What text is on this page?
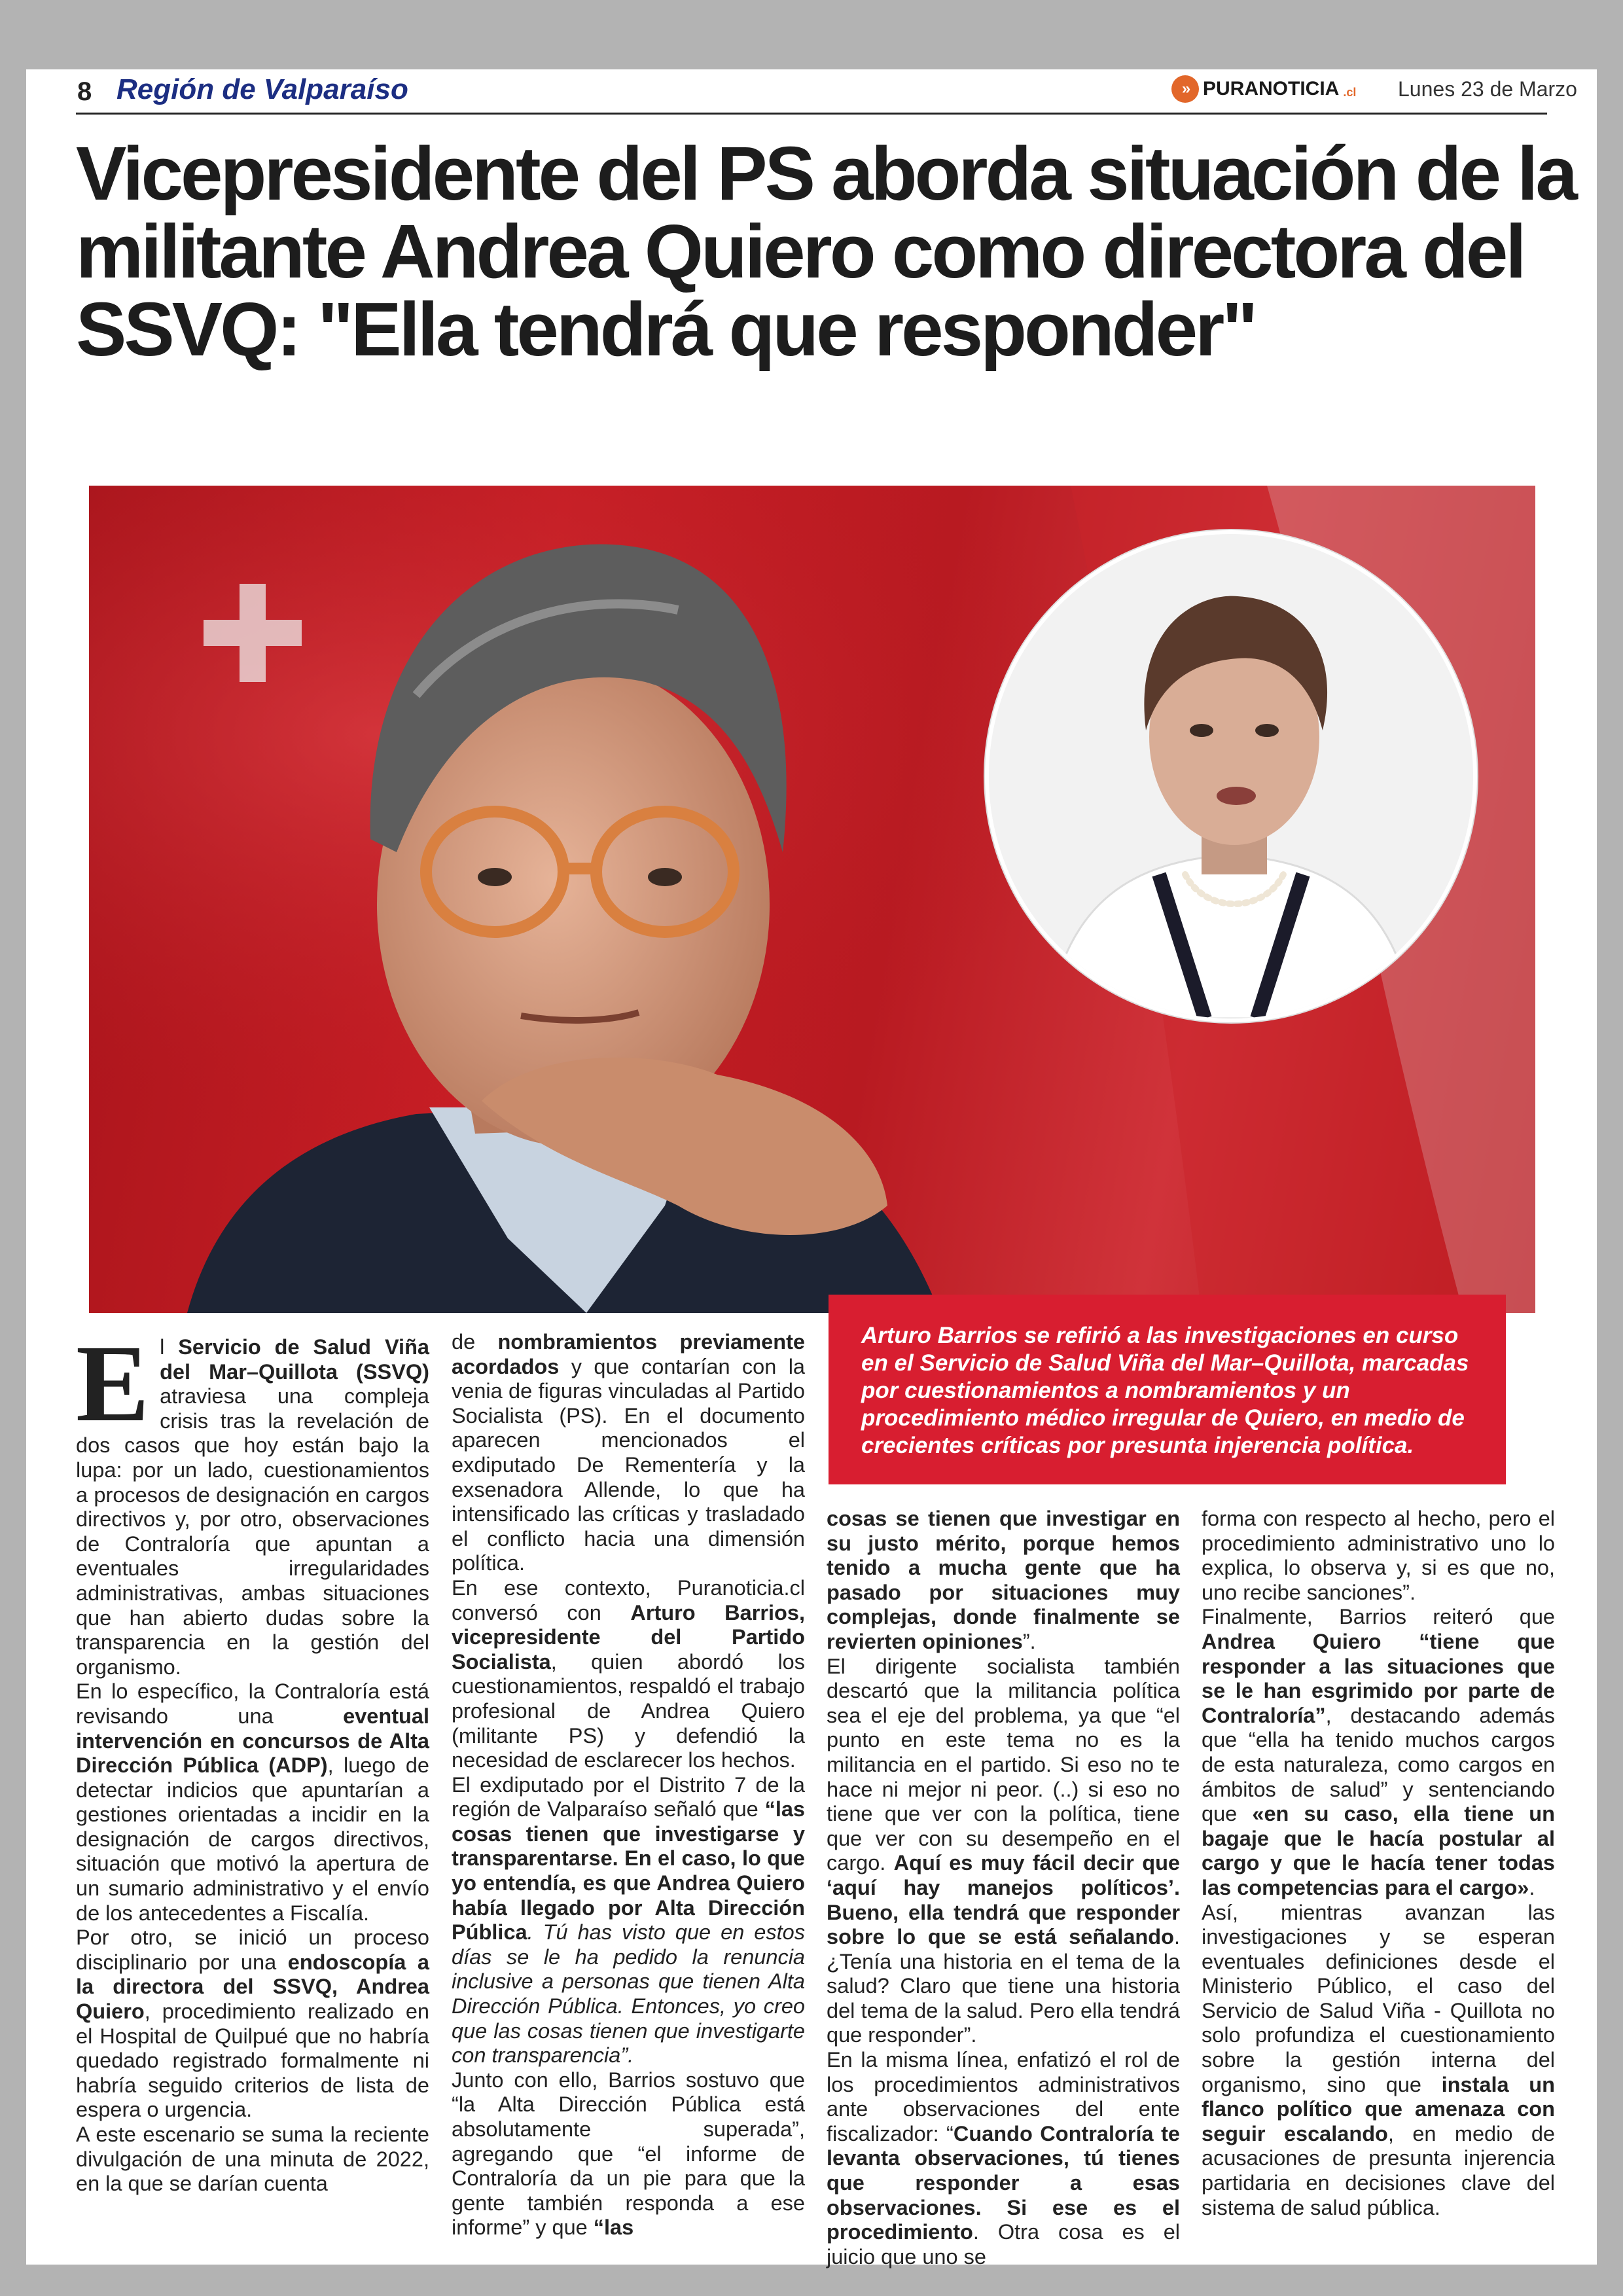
8 Región de Valparaíso	» PURANOTICIA .cl Lunes 23 de Marzo
Vicepresidente del PS aborda situación de la militante Andrea Quiero como directora del SSVQ: "Ella tendrá que responder"

Arturo Barrios se refirió a las investigaciones en curso en el Servicio de Salud Viña del Mar–Quillota, marcadas por cuestionamientos a nombramientos y un procedimiento médico irregular de Quiero, en medio de crecientes críticas por presunta injerencia política.

E l Servicio de Salud Viña del Mar–Quillota (SSVQ) atraviesa una compleja crisis tras la revelación de dos casos que hoy están bajo la lupa: por un lado, cuestionamientos a procesos de designación en cargos directivos y, por otro, observaciones de Contraloría que apuntan a eventuales irregularidades administrativas, ambas situaciones que han abierto dudas sobre la transparencia en la gestión del organismo.

En lo específico, la Contraloría está revisando una eventual intervención en concursos de Alta Dirección Pública (ADP), luego de detectar indicios que apuntarían a gestiones orientadas a incidir en la designación de cargos directivos, situación que motivó la apertura de un sumario administrativo y el envío de los antecedentes a Fiscalía.

Por otro, se inició un proceso disciplinario por una endoscopía a la directora del SSVQ, Andrea Quiero, procedimiento realizado en el Hospital de Quilpué que no habría quedado registrado formalmente ni habría seguido criterios de lista de espera o urgencia.

A este escenario se suma la reciente divulgación de una minuta de 2022, en la que se darían cuenta

de nombramientos previamente acordados y que contarían con la venia de figuras vinculadas al Partido Socialista (PS). En el documento aparecen mencionados el exdiputado De Rementería y la exsenadora Allende, lo que ha intensificado las críticas y trasladado el conflicto hacia una dimensión política.

En ese contexto, Puranoticia.cl conversó con Arturo Barrios, vicepresidente del Partido Socialista, quien abordó los cuestionamientos, respaldó el trabajo profesional de Andrea Quiero (militante PS) y defendió la necesidad de esclarecer los hechos.

El exdiputado por el Distrito 7 de la región de Valparaíso señaló que “las cosas tienen que investigarse y transparentarse. En el caso, lo que yo entendía, es que Andrea Quiero había llegado por Alta Dirección Pública. Tú has visto que en estos días se le ha pedido la renuncia inclusive a personas que tienen Alta Dirección Pública. Entonces, yo creo que las cosas tienen que investigarte con transparencia”.

Junto con ello, Barrios sostuvo que “la Alta Dirección Pública está absolutamente superada”, agregando que “el informe de Contraloría da un pie para que la gente también responda a ese informe” y que “las

cosas se tienen que investigar en su justo mérito, porque hemos tenido a mucha gente que ha pasado por situaciones muy complejas, donde finalmente se revierten opiniones”.

El dirigente socialista también descartó que la militancia política sea el eje del problema, ya que “el punto en este tema no es la militancia en el partido. Si eso no te hace ni mejor ni peor. (..) si eso no tiene que ver con la política, tiene que ver con su desempeño en el cargo. Aquí es muy fácil decir que ‘aquí hay manejos políticos’. Bueno, ella tendrá que responder sobre lo que se está señalando. ¿Tenía una historia en el tema de la salud? Claro que tiene una historia del tema de la salud. Pero ella tendrá que responder”.

En la misma línea, enfatizó el rol de los procedimientos administrativos ante observaciones del ente fiscalizador: “Cuando Contraloría te levanta observaciones, tú tienes que responder a esas observaciones. Si ese es el procedimiento. Otra cosa es el juicio que uno se

forma con respecto al hecho, pero el procedimiento administrativo uno lo explica, lo observa y, si es que no, uno recibe sanciones”.

Finalmente, Barrios reiteró que Andrea Quiero “tiene que responder a las situaciones que se le han esgrimido por parte de Contraloría”, destacando además que “ella ha tenido muchos cargos de esta naturaleza, como cargos en ámbitos de salud” y sentenciando que «en su caso, ella tiene un bagaje que le hacía postular al cargo y que le hacía tener todas las competencias para el cargo».

Así, mientras avanzan las investigaciones y se esperan eventuales definiciones desde el Ministerio Público, el caso del Servicio de Salud Viña - Quillota no solo profundiza el cuestionamiento sobre la gestión interna del organismo, sino que instala un flanco político que amenaza con seguir escalando, en medio de acusaciones de presunta injerencia partidaria en decisiones clave del sistema de salud pública.
